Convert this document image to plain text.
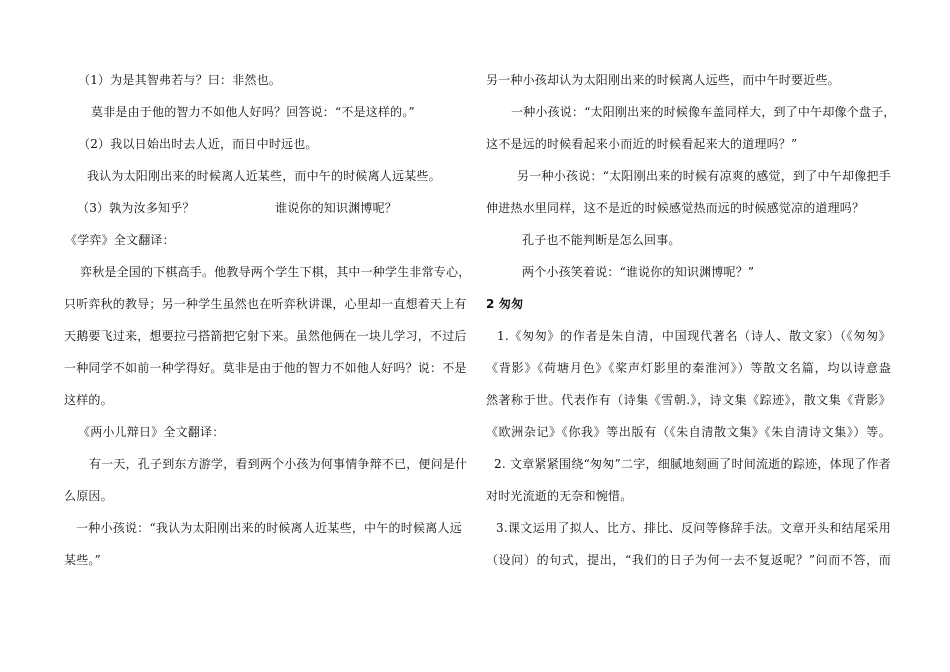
（1）为是其智弗若与？曰：非然也。
莫非是由于他的智力不如他人好吗？回答说：“不是这样的。”
（2）我以日始出时去人近，而日中时远也。
我认为太阳刚出来的时候离人近某些，而中午的时候离人远某些。
（3）孰为汝多知乎？	谁说你的知识渊博呢？
《学弈》全文翻译：
弈秋是全国的下棋高手。他教导两个学生下棋，其中一种学生非常专心，
只听弈秋的教导；另一种学生虽然也在听弈秋讲课，心里却一直想着天上有
天鹅要飞过来，想要拉弓搭箭把它射下来。虽然他俩在一块儿学习，不过后
一种同学不如前一种学得好。莫非是由于他的智力不如他人好吗？说：不是
这样的。
《两小儿辩日》全文翻译：
有一天，孔子到东方游学，看到两个小孩为何事情争辩不已，便问是什
么原因。
一种小孩说：“我认为太阳刚出来的时候离人近某些，中午的时候离人远
某些。”
另一种小孩却认为太阳刚出来的时候离人远些，而中午时要近些。
一种小孩说：“太阳刚出来的时候像车盖同样大，到了中午却像个盘子，
这不是远的时候看起来小而近的时候看起来大的道理吗？”
另一种小孩说：“太阳刚出来的时候有凉爽的感觉，到了中午却像把手
伸进热水里同样，这不是近的时候感觉热而远的时候感觉凉的道理吗？
孔子也不能判断是怎么回事。
两个小孩笑着说：“谁说你的知识渊博呢？”
2 匆匆
1.《匆匆》的作者是朱自清，中国现代著名（诗人、散文家）（《匆匆》
《背影》《荷塘月色》《桨声灯影里的秦淮河》）等散文名篇，均以诗意盎
然著称于世。代表作有（诗集《雪朝.》，诗文集《踪迹》，散文集《背影》
《欧洲杂记》《你我》等出版有（《朱自清散文集》《朱自清诗文集》）等。
2. 文章紧紧围绕“匆匆”二字，细腻地刻画了时间流逝的踪迹，体现了作者
对时光流逝的无奈和惋惜。
3.课文运用了拟人、比方、排比、反问等修辞手法。文章开头和结尾采用
（设问）的句式，提出，“我们的日子为何一去不复返呢？”问而不答，而
